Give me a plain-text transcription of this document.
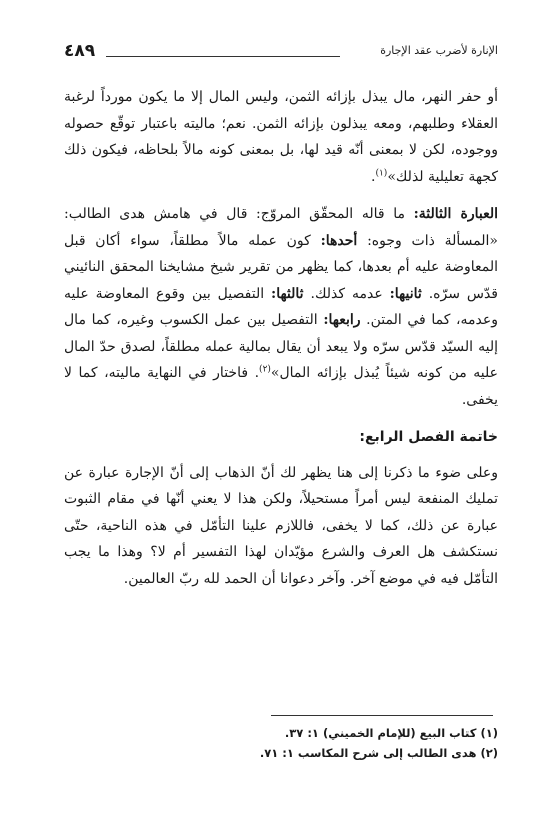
٤٨٩	الإنارة لأضرب عقد الإجارة

أو حفر النهر، مال يبذل بإزائه الثمن، وليس المال إلا ما يكون مورداً لرغبة العقلاء وطلبهم، ومعه يبذلون بإزائه الثمن. نعم؛ ماليته باعتبار توقّع حصوله ووجوده، لكن لا بمعنى أنّه قيد لها، بل بمعنى كونه مالاً بلحاظه، فيكون ذلك كجهة تعليلية لذلك»$^{(١)}$.

العبارة الثالثة: ما قاله المحقّق المروّج: قال في هامش هدى الطالب: «المسألة ذات وجوه: أحدها: كون عمله مالاً مطلقاً، سواء أكان قبل المعاوضة عليه أم بعدها، كما يظهر من تقرير شيخ مشايخنا المحقق النائيني قدّس سرّه. ثانيها: عدمه كذلك. ثالثها: التفصيل بين وقوع المعاوضة عليه وعدمه، كما في المتن. رابعها: التفصيل بين عمل الكسوب وغيره، كما مال إليه السيّد قدّس سرّه ولا يبعد أن يقال بمالية عمله مطلقاً، لصدق حدّ المال عليه من كونه شيئاً يُبذل بإزائه المال»$^{(٢)}$. فاختار في النهاية ماليته، كما لا يخفى.

خاتمة الفصل الرابع:

وعلى ضوء ما ذكرنا إلى هنا يظهر لك أنّ الذهاب إلى أنّ الإجارة عبارة عن تمليك المنفعة ليس أمراً مستحيلاً، ولكن هذا لا يعني أنّها في مقام الثبوت عبارة عن ذلك، كما لا يخفى، فاللازم علينا التأمّل في هذه الناحية، حتّى نستكشف هل العرف والشرع مؤيّدان لهذا التفسير أم لا؟ وهذا ما يجب التأمّل فيه في موضع آخر. وآخر دعوانا أن الحمد لله ربّ العالمين.

(١) كتاب البيع (للإمام الخميني) ١: ٣٧.
(٢) هدى الطالب إلى شرح المكاسب ١: ٧١.
